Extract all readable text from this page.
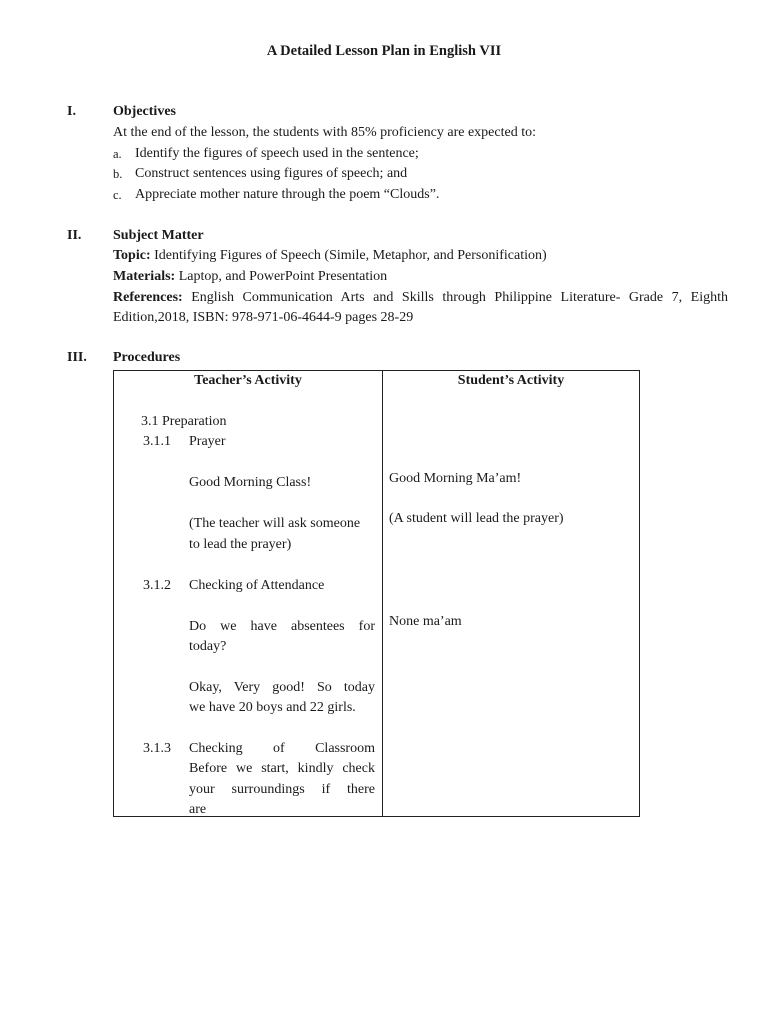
A Detailed Lesson Plan in English VII
I.	Objectives
At the end of the lesson, the students with 85% proficiency are expected to:
a. Identify the figures of speech used in the sentence;
b. Construct sentences using figures of speech; and
c. Appreciate mother nature through the poem “Clouds”.
II. Subject Matter
Topic: Identifying Figures of Speech (Simile, Metaphor, and Personification)
Materials: Laptop, and PowerPoint Presentation
References: English Communication Arts and Skills through Philippine Literature- Grade 7, Eighth
Edition,2018, ISBN: 978-971-06-4644-9 pages 28-29
III. Procedures
Teacher’s Activity	Student’s Activity
3.1 Preparation
3.1.1 Prayer
Good Morning Class!
(The teacher will ask someone
to lead the prayer)
3.1.2 Checking of Attendance
Do we have absentees for
today?
Okay, Very good! So today
we have 20 boys and 22 girls.
3.1.3 Checking of Classroom
Before we start, kindly check
your surroundings if there
are
Good Morning Ma’am!
(A student will lead the prayer)
None ma’am
